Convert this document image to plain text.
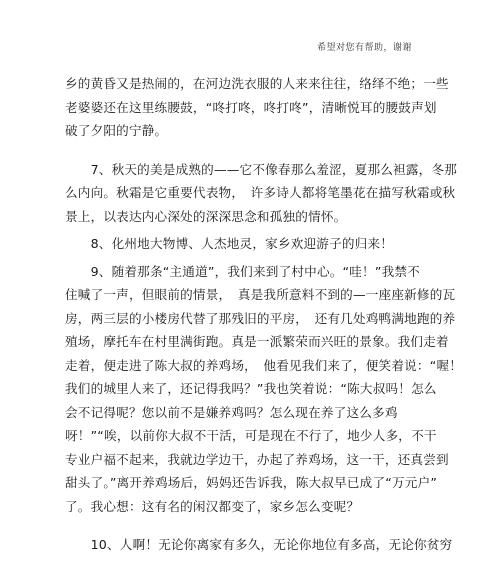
希望对您有帮助，谢谢

乡的黄昏又是热闹的，在河边洗衣服的人来来往往，络绎不绝；一些
老婆婆还在这里练腰鼓，“咚打咚，咚打咚”，清晰悦耳的腰鼓声划
破了夕阳的宁静。

　　7、秋天的美是成熟的——它不像春那么羞涩，夏那么袒露，冬那
么内向。秋霜是它重要代表物，　许多诗人都将笔墨花在描写秋霜或秋
景上，以表达内心深处的深深思念和孤独的情怀。

　　8、化州地大物博、人杰地灵，家乡欢迎游子的归来！

　　9、随着那条“主通道”，我们来到了村中心。“哇！”我禁不
住喊了一声，但眼前的情景，　真是我所意料不到的—一座座新修的瓦
房，两三层的小楼房代替了那残旧的平房，　还有几处鸡鸭满地跑的养
殖场，摩托车在村里满街跑。真是一派繁荣而兴旺的景象。我们走着
走着，便走进了陈大叔的养鸡场，　他看见我们来了，便笑着说：“喔！
我们的城里人来了，还记得我吗？”我也笑着说：“陈大叔吗！怎么
会不记得呢？您以前不是嫌养鸡吗？怎么现在养了这么多鸡
呀！”“唉，以前你大叔不干活，可是现在不行了，地少人多，不干
专业户福不起来，我就边学边干，办起了养鸡场，这一干，还真尝到
甜头了。”离开养鸡场后，妈妈还告诉我，陈大叔早已成了“万元户”
了。我心想：这有名的闲汉都变了，家乡怎么变呢？

　　10、人啊！无论你离家有多久，无论你地位有多高，无论你贫穷
